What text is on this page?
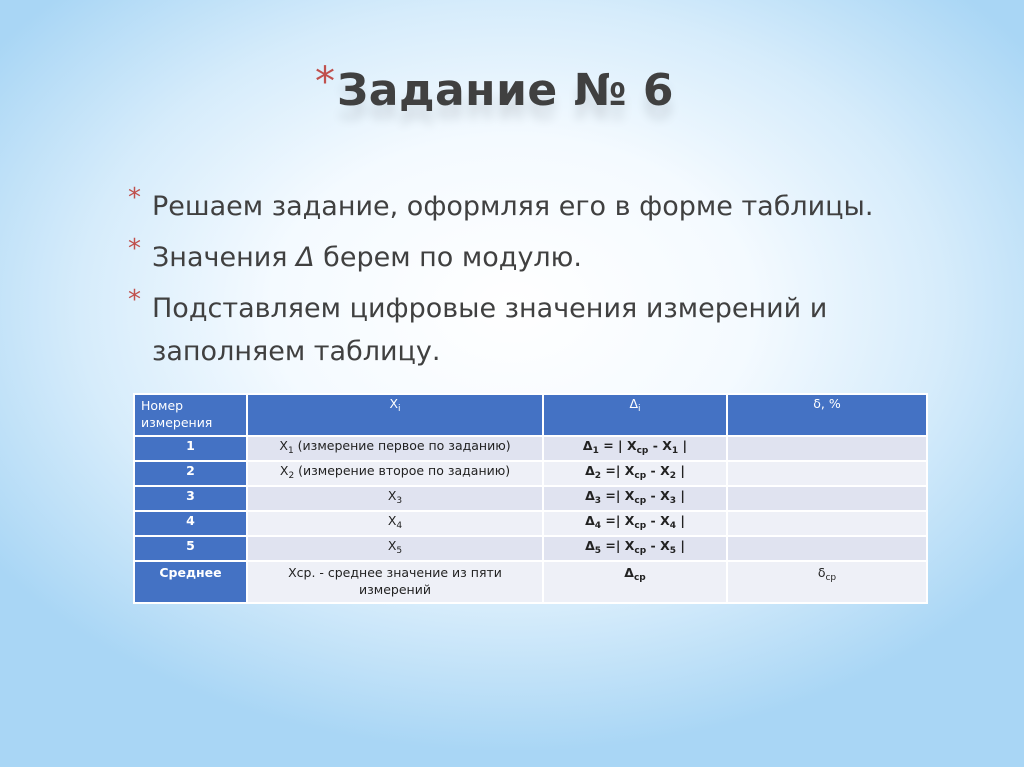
* Задание № 6
* Решаем задание, оформляя его в форме таблицы.
* Значения Δ берем по модулю.
* Подставляем цифровые значения измерений и заполняем таблицу.
Номер измерения	$X_i$	$\Delta_i$	δ, %
1	$X_1$ (измерение первое по заданию)	$\Delta_1$ = | $X_{ср} - X_1$ |	
2	$X_2$ (измерение второе по заданию)	$\Delta_2$ =| $X_{ср} - X_2$ |	
3	$X_3$	$\Delta_3$ =| $X_{ср} - X_3$ |	
4	$X_4$	$\Delta_4$ =| $X_{ср} - X_4$ |	
5	$X_5$	$\Delta_5$ =| $X_{ср} - X_5$ |	
Среднее	Хср. - среднее значение из пяти измерений	$\Delta_{ср}$	$\delta_{ср}$
